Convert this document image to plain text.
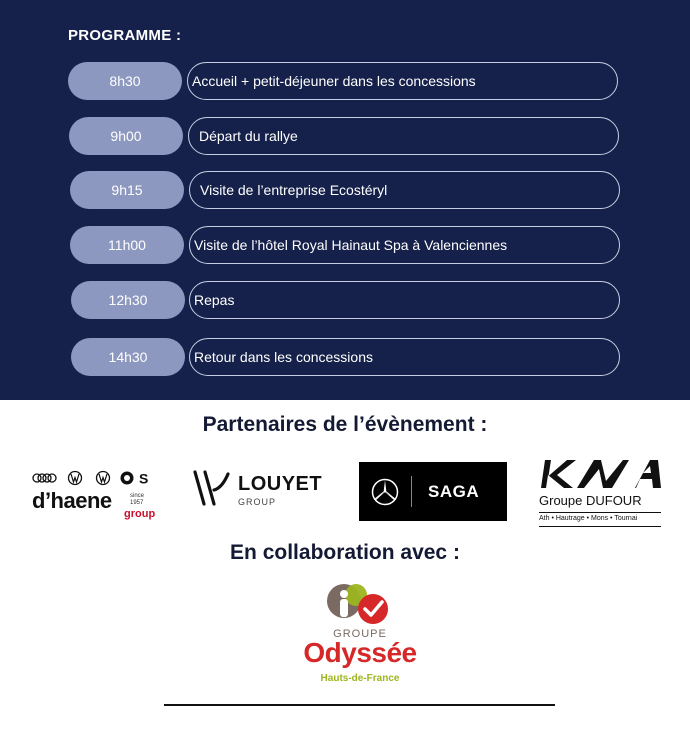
PROGRAMME :
8h30	Accueil + petit-déjeuner dans les concessions
9h00	Départ du rallye
9h15	Visite de l’entreprise Ecostéryl
11h00	Visite de l’hôtel Royal Hainaut Spa à Valenciennes
12h30	Repas
14h30	Retour dans les concessions
Partenaires de l’évènement :
S
d’haene	since 1957
group
LOUYET
GROUP
SAGA	Groupe DUFOUR
Ath • Hautrage • Mons • Tournai
En collaboration avec :
GROUPE
Odyssée
Hauts-de-France
